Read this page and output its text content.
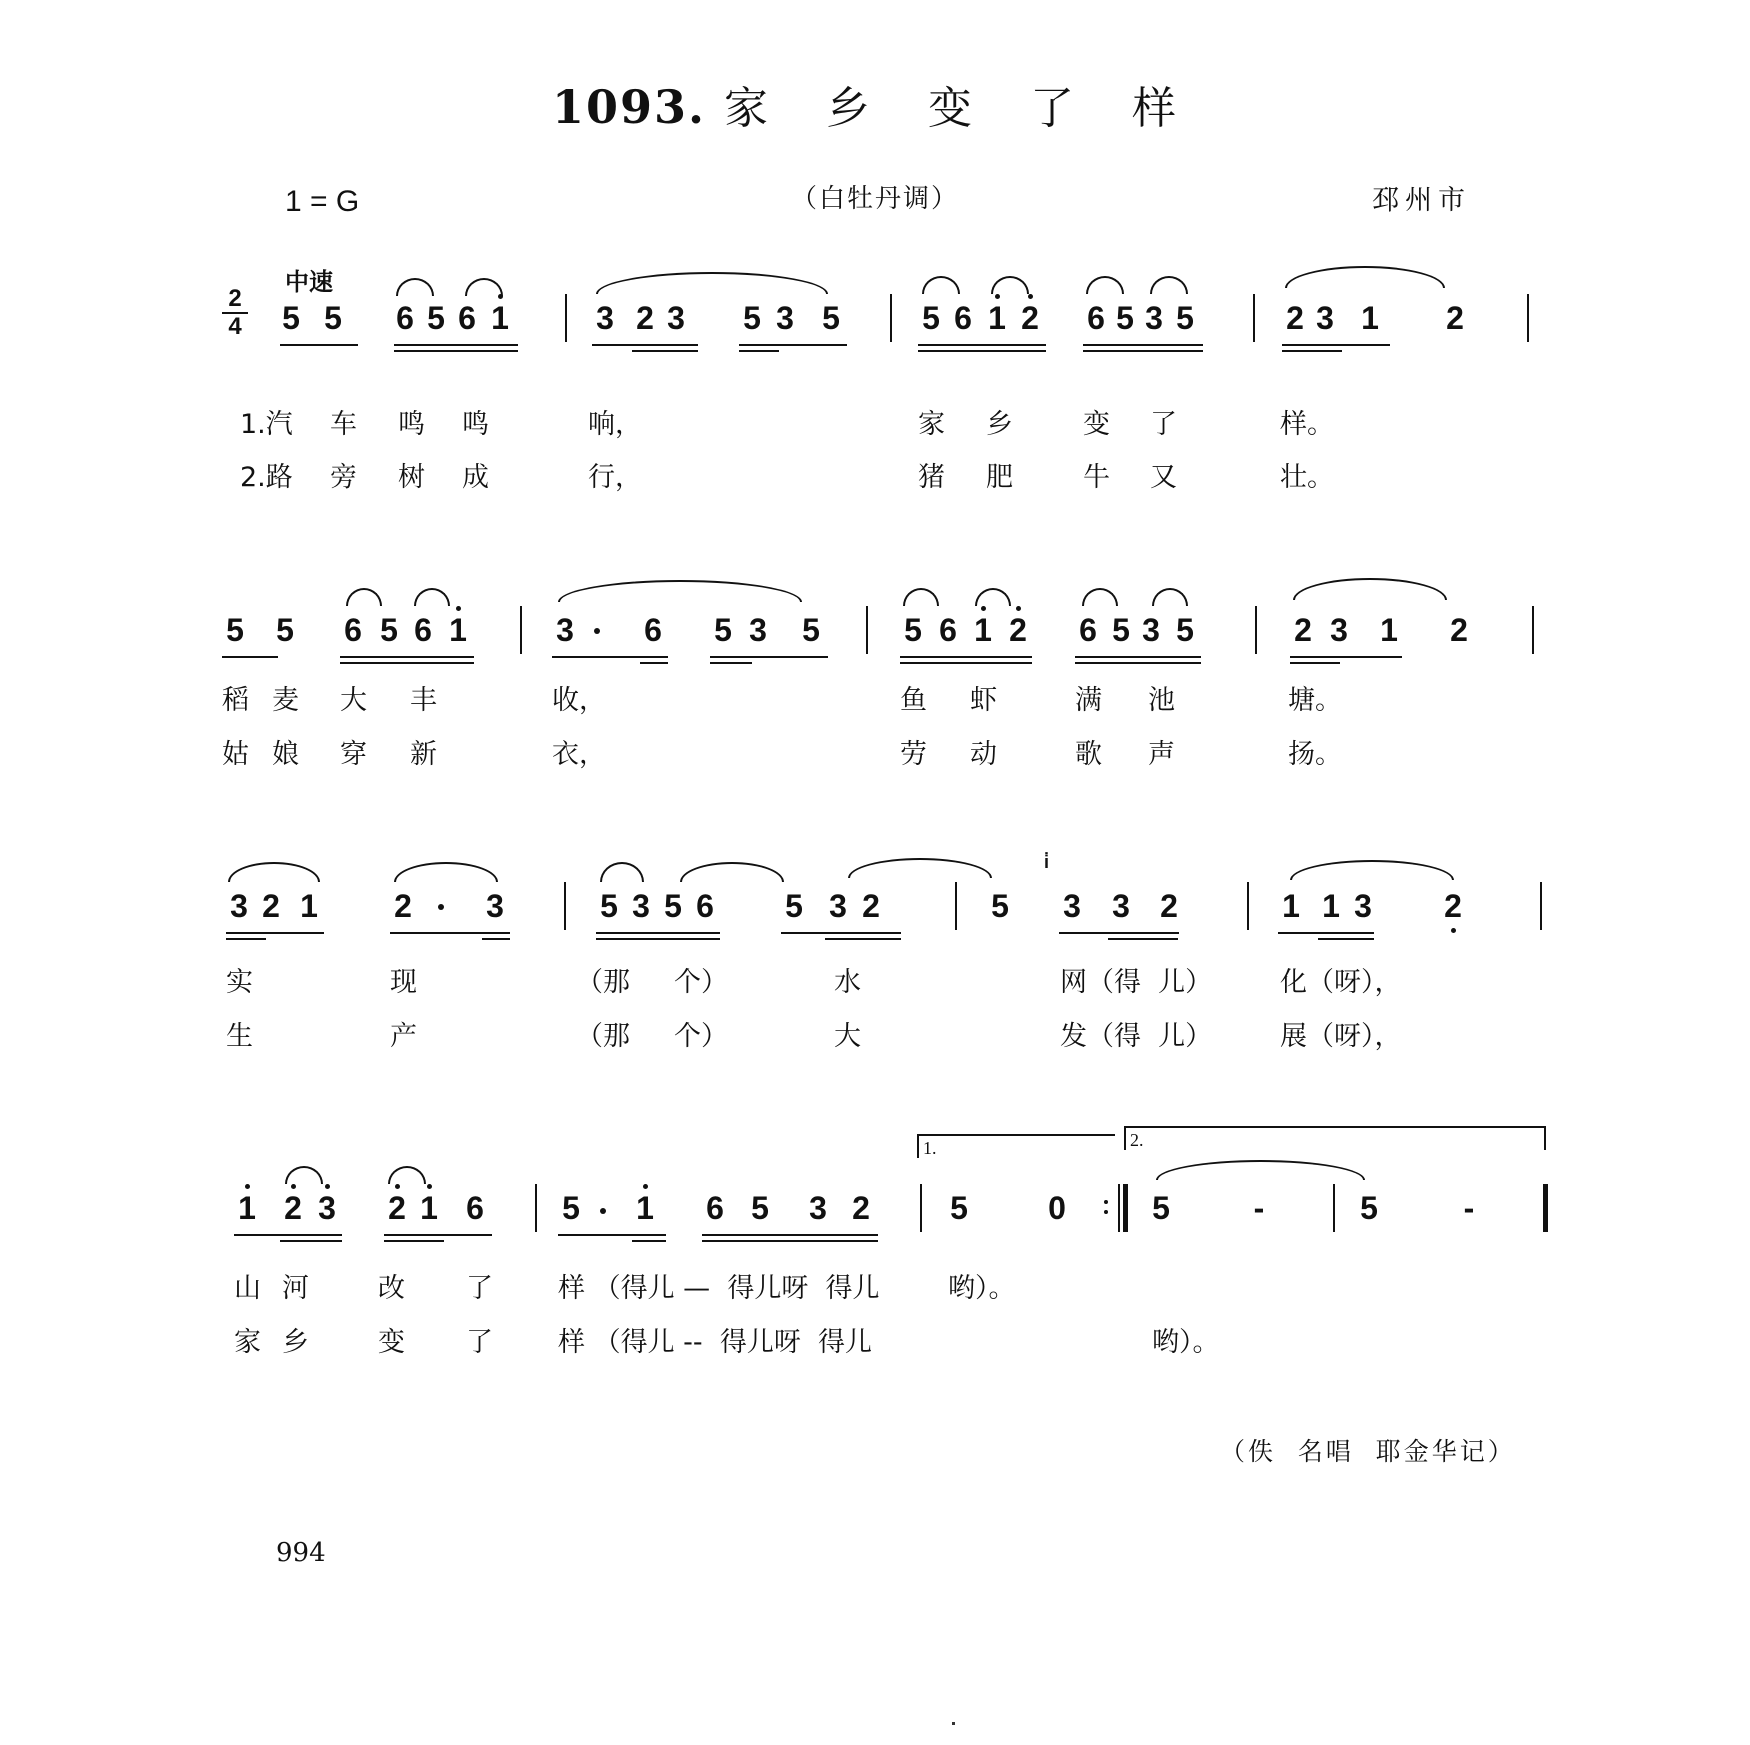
1093. 家 乡 变 了 样
1 = G	（白牡丹调）	邳州市
中速
$\frac{2}{4} 5$ 5 6 5 6 1	3 2 3 5 3 5	5 6 1 2 6 5 3 5	2 3 1 2
1.汽 车 鸣 鸣	响，	家 乡	变 了	样。
2.路 旁 树 成	行，	猪 肥	牛 又	壮。
5 5 6 5 6 1	3 6 5 3 5	5 6 1 2 6 5 3 5	2 3 1 2
稻 麦 大 丰	收，	鱼 虾	满 池	塘。
姑 娘 穿 新	衣，	劳 动	歌 声	扬。
3 2 1 2 3	5 3 5 6 5 3 2	5 3 3 2	1 1 3 2
i̇
实	现	（那 个）	水	网（得  儿）	化（呀），
生	产	（那 个）	大	发（得  儿）	展（呀），
1 2 3 2 1 6 5 1 6 5 3 2	5	0	5	-	5	-
1.	2.
山 河	改 了 样 （得儿 —  得儿呀  得儿	哟）。
家 乡	变 了 样 （得儿 --  得儿呀  得儿	哟）。
（佚  名唱  耶金华记）
994
